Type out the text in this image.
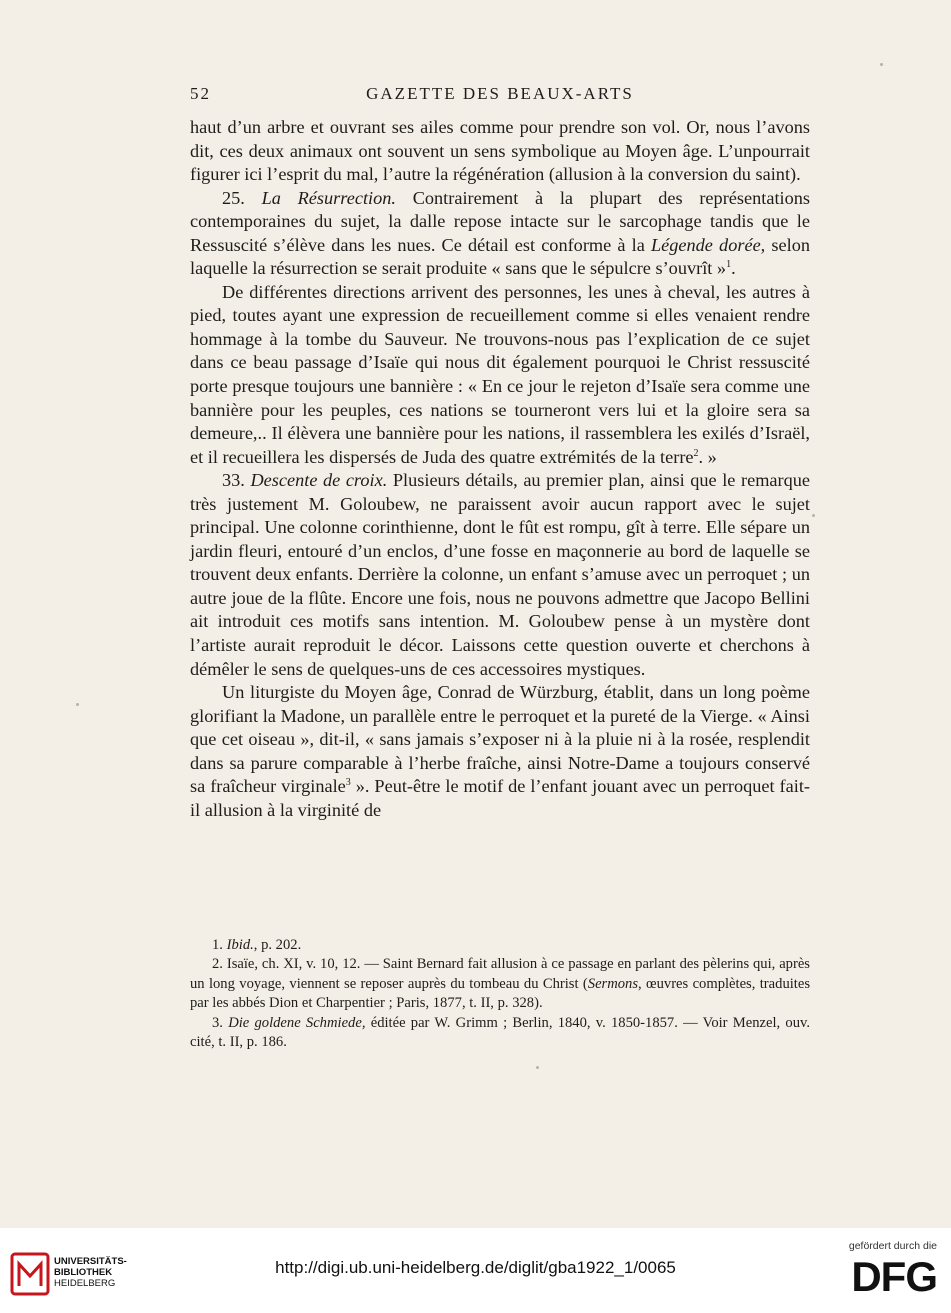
52	GAZETTE DES BEAUX-ARTS

haut d’un arbre et ouvrant ses ailes comme pour prendre son vol. Or, nous l’avons dit, ces deux animaux ont souvent un sens symbolique au Moyen âge. L’unpourrait figurer ici l’esprit du mal, l’autre la régénération (allusion à la conversion du saint).

25. La Résurrection. Contrairement à la plupart des représentations contemporaines du sujet, la dalle repose intacte sur le sarcophage tandis que le Ressuscité s’élève dans les nues. Ce détail est conforme à la Légende dorée, selon laquelle la résurrection se serait produite « sans que le sépulcre s’ouvrît »$^1$.

De différentes directions arrivent des personnes, les unes à cheval, les autres à pied, toutes ayant une expression de recueillement comme si elles venaient rendre hommage à la tombe du Sauveur. Ne trouvons-nous pas l’explication de ce sujet dans ce beau passage d’Isaïe qui nous dit également pourquoi le Christ ressuscité porte presque toujours une bannière : « En ce jour le rejeton d’Isaïe sera comme une bannière pour les peuples, ces nations se tourneront vers lui et la gloire sera sa demeure,.. Il élèvera une bannière pour les nations, il rassemblera les exilés d’Israël, et il recueillera les dispersés de Juda des quatre extrémités de la terre$^2$. »

33. Descente de croix. Plusieurs détails, au premier plan, ainsi que le remarque très justement M. Goloubew, ne paraissent avoir aucun rapport avec le sujet principal. Une colonne corinthienne, dont le fût est rompu, gît à terre. Elle sépare un jardin fleuri, entouré d’un enclos, d’une fosse en maçonnerie au bord de laquelle se trouvent deux enfants. Derrière la colonne, un enfant s’amuse avec un perroquet ; un autre joue de la flûte. Encore une fois, nous ne pouvons admettre que Jacopo Bellini ait introduit ces motifs sans intention. M. Goloubew pense à un mystère dont l’artiste aurait reproduit le décor. Laissons cette question ouverte et cherchons à démêler le sens de quelques-uns de ces accessoires mystiques.

Un liturgiste du Moyen âge, Conrad de Würzburg, établit, dans un long poème glorifiant la Madone, un parallèle entre le perroquet et la pureté de la Vierge. « Ainsi que cet oiseau », dit-il, « sans jamais s’exposer ni à la pluie ni à la rosée, resplendit dans sa parure comparable à l’herbe fraîche, ainsi Notre-Dame a toujours conservé sa fraîcheur virginale$^3$ ». Peut-être le motif de l’enfant jouant avec un perroquet fait-il allusion à la virginité de

1. Ibid., p. 202.

2. Isaïe, ch. XI, v. 10, 12. — Saint Bernard fait allusion à ce passage en parlant des pèlerins qui, après un long voyage, viennent se reposer auprès du tombeau du Christ (Sermons, œuvres complètes, traduites par les abbés Dion et Charpentier ; Paris, 1877, t. II, p. 328).

3. Die goldene Schmiede, éditée par W. Grimm ; Berlin, 1840, v. 1850-1857. — Voir Menzel, ouv. cité, t. II, p. 186.

UNIVERSITÄTS-
BIBLIOTHEK
HEIDELBERG
http://digi.ub.uni-heidelberg.de/diglit/gba1922_1/0065
gefördert durch die
DFG
